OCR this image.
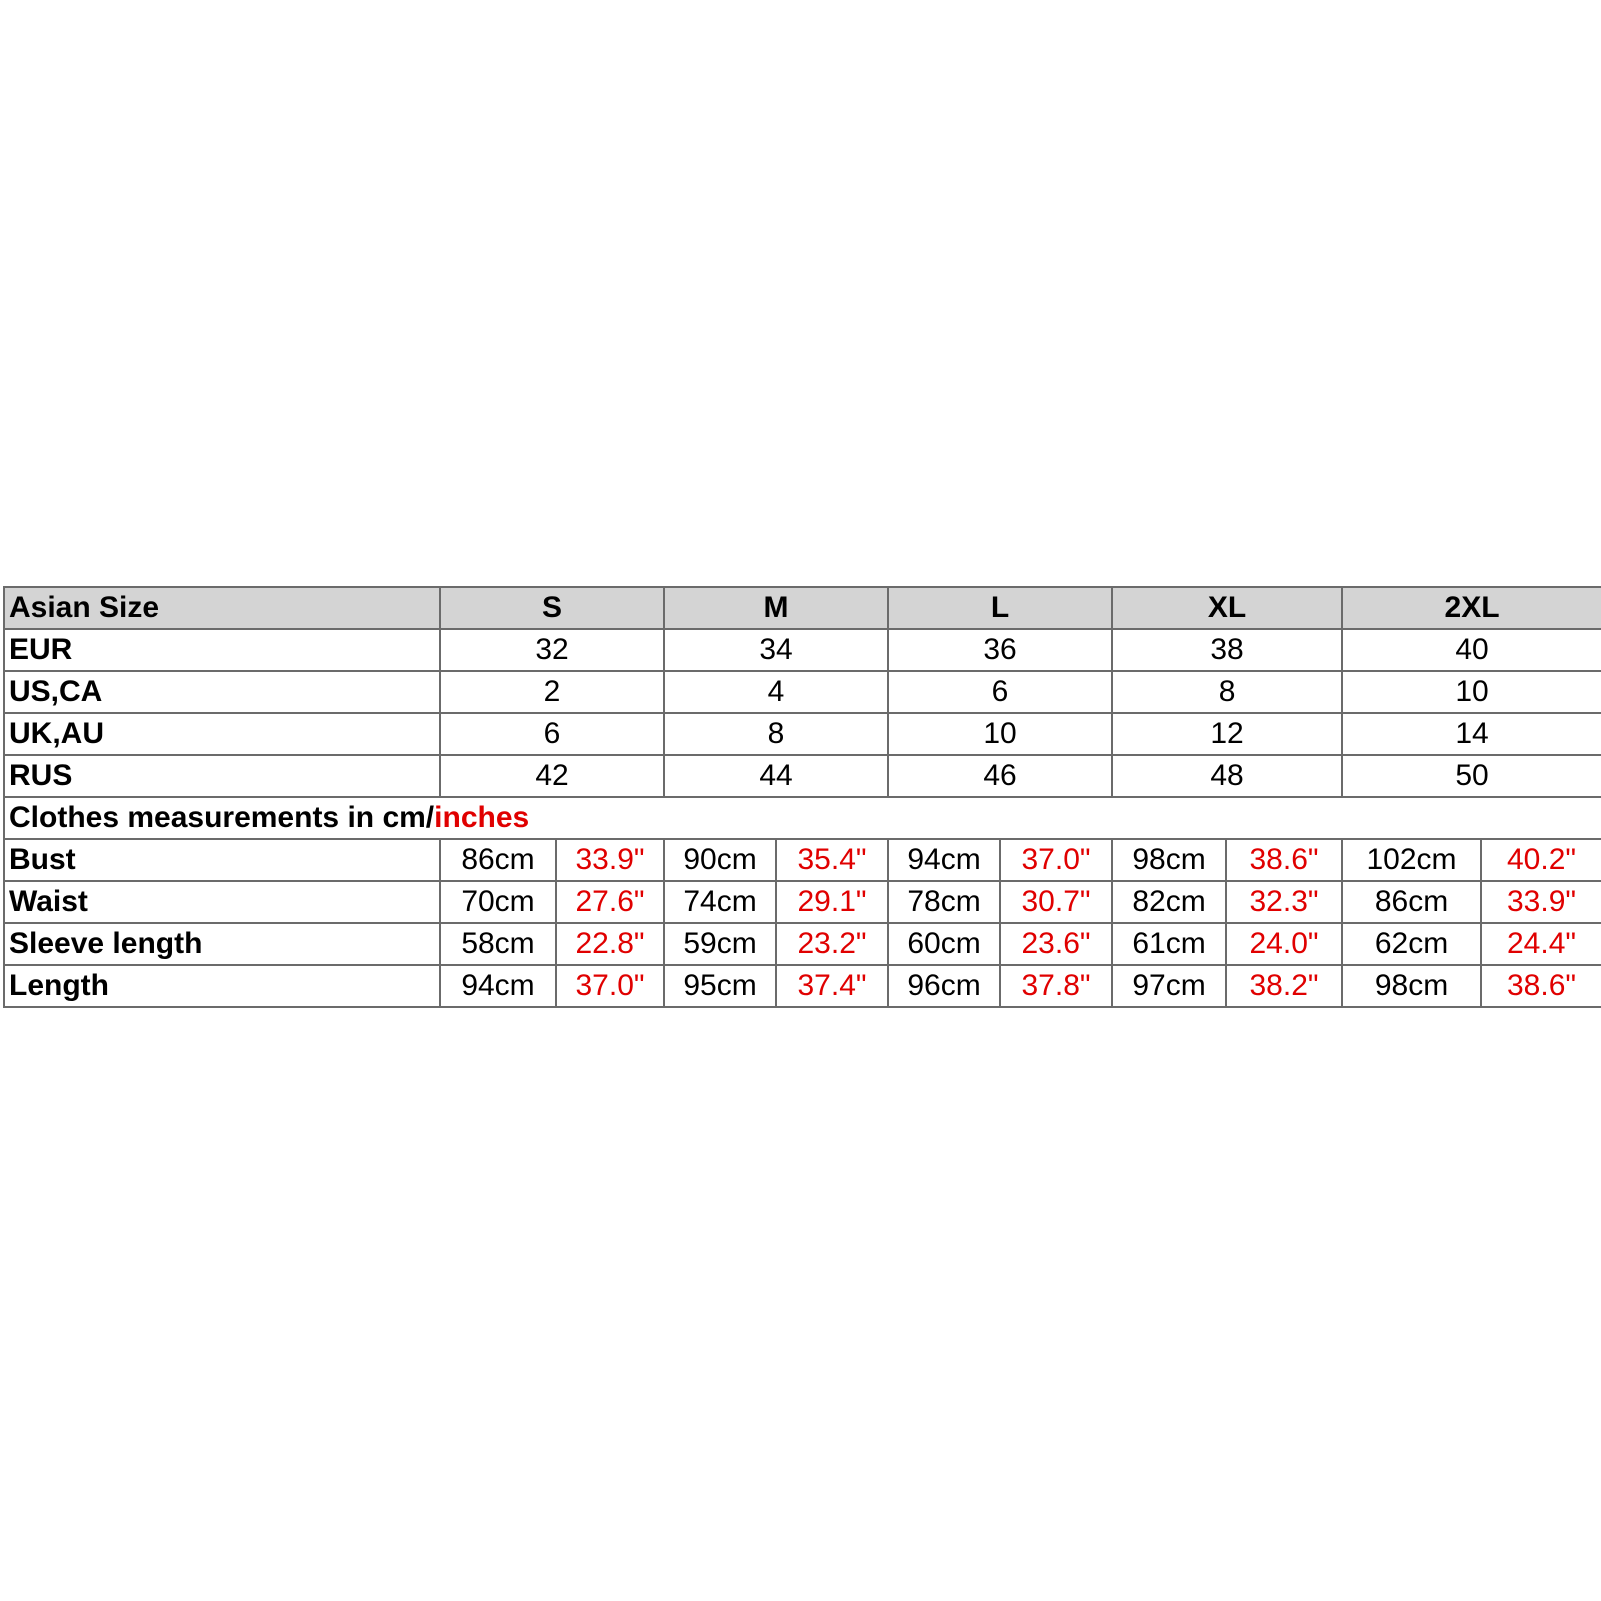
Asian Size	S		M		L		XL		2XL	
EUR	32		34		36		38		40	
US,CA	2		4		6		8		10	
UK,AU	6		8		10		12		14	
RUS	42		44		46		48		50	
Clothes measurements in cm/inches										
Bust	86cm	33.9"	90cm	35.4"	94cm	37.0"	98cm	38.6"	102cm	40.2"
Waist	70cm	27.6"	74cm	29.1"	78cm	30.7"	82cm	32.3"	86cm	33.9"
Sleeve length	58cm	22.8"	59cm	23.2"	60cm	23.6"	61cm	24.0"	62cm	24.4"
Length	94cm	37.0"	95cm	37.4"	96cm	37.8"	97cm	38.2"	98cm	38.6"
